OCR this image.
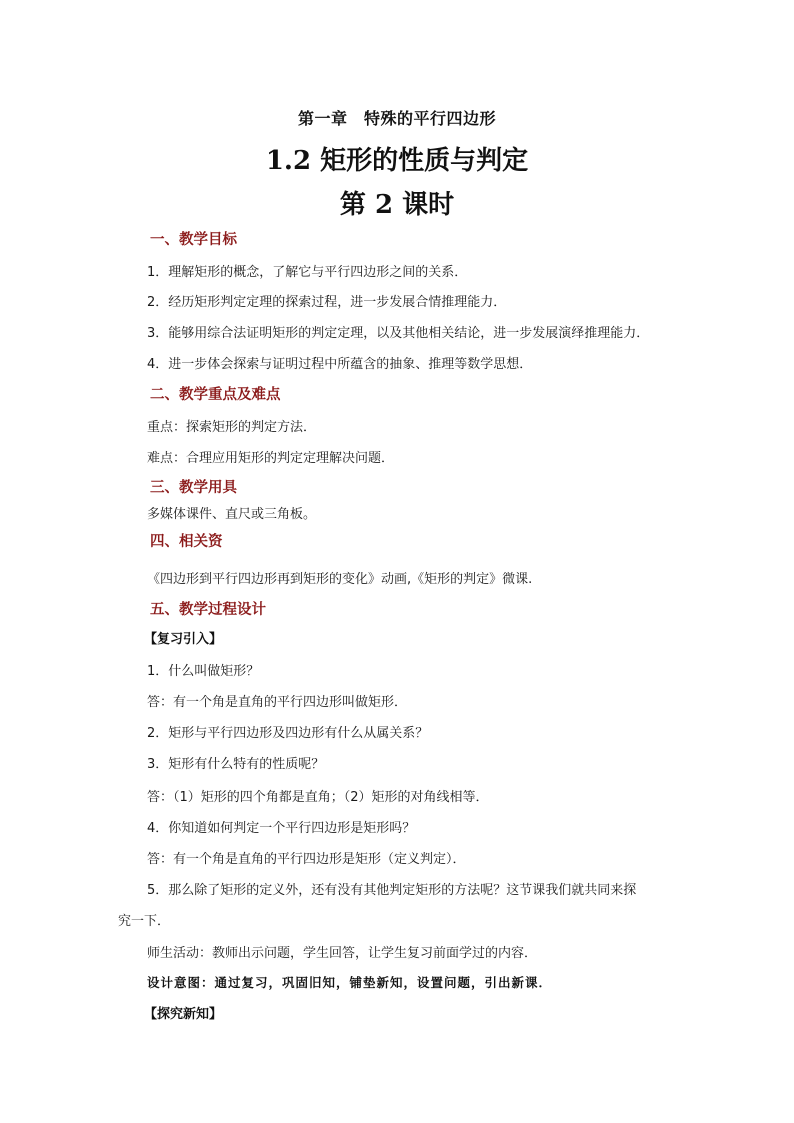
第一章　特殊的平行四边形
1.2 矩形的性质与判定
第 2 课时
一、教学目标
1．理解矩形的概念，了解它与平行四边形之间的关系．
2．经历矩形判定定理的探索过程，进一步发展合情推理能力．
3．能够用综合法证明矩形的判定定理，以及其他相关结论，进一步发展演绎推理能力．
4．进一步体会探索与证明过程中所蕴含的抽象、推理等数学思想．
二、教学重点及难点
重点：探索矩形的判定方法．
难点：合理应用矩形的判定定理解决问题．
三、教学用具
多媒体课件、直尺或三角板。
四、相关资
《四边形到平行四边形再到矩形的变化》动画,《矩形的判定》微课.
五、教学过程设计
【复习引入】
1．什么叫做矩形？
答：有一个角是直角的平行四边形叫做矩形．
2．矩形与平行四边形及四边形有什么从属关系？
3．矩形有什么特有的性质呢？
答：（1）矩形的四个角都是直角；（2）矩形的对角线相等．
4．你知道如何判定一个平行四边形是矩形吗？
答：有一个角是直角的平行四边形是矩形（定义判定）．
5．那么除了矩形的定义外，还有没有其他判定矩形的方法呢？这节课我们就共同来探
究一下．
师生活动：教师出示问题，学生回答，让学生复习前面学过的内容．
设计意图：通过复习，巩固旧知，铺垫新知，设置问题，引出新课．
【探究新知】
